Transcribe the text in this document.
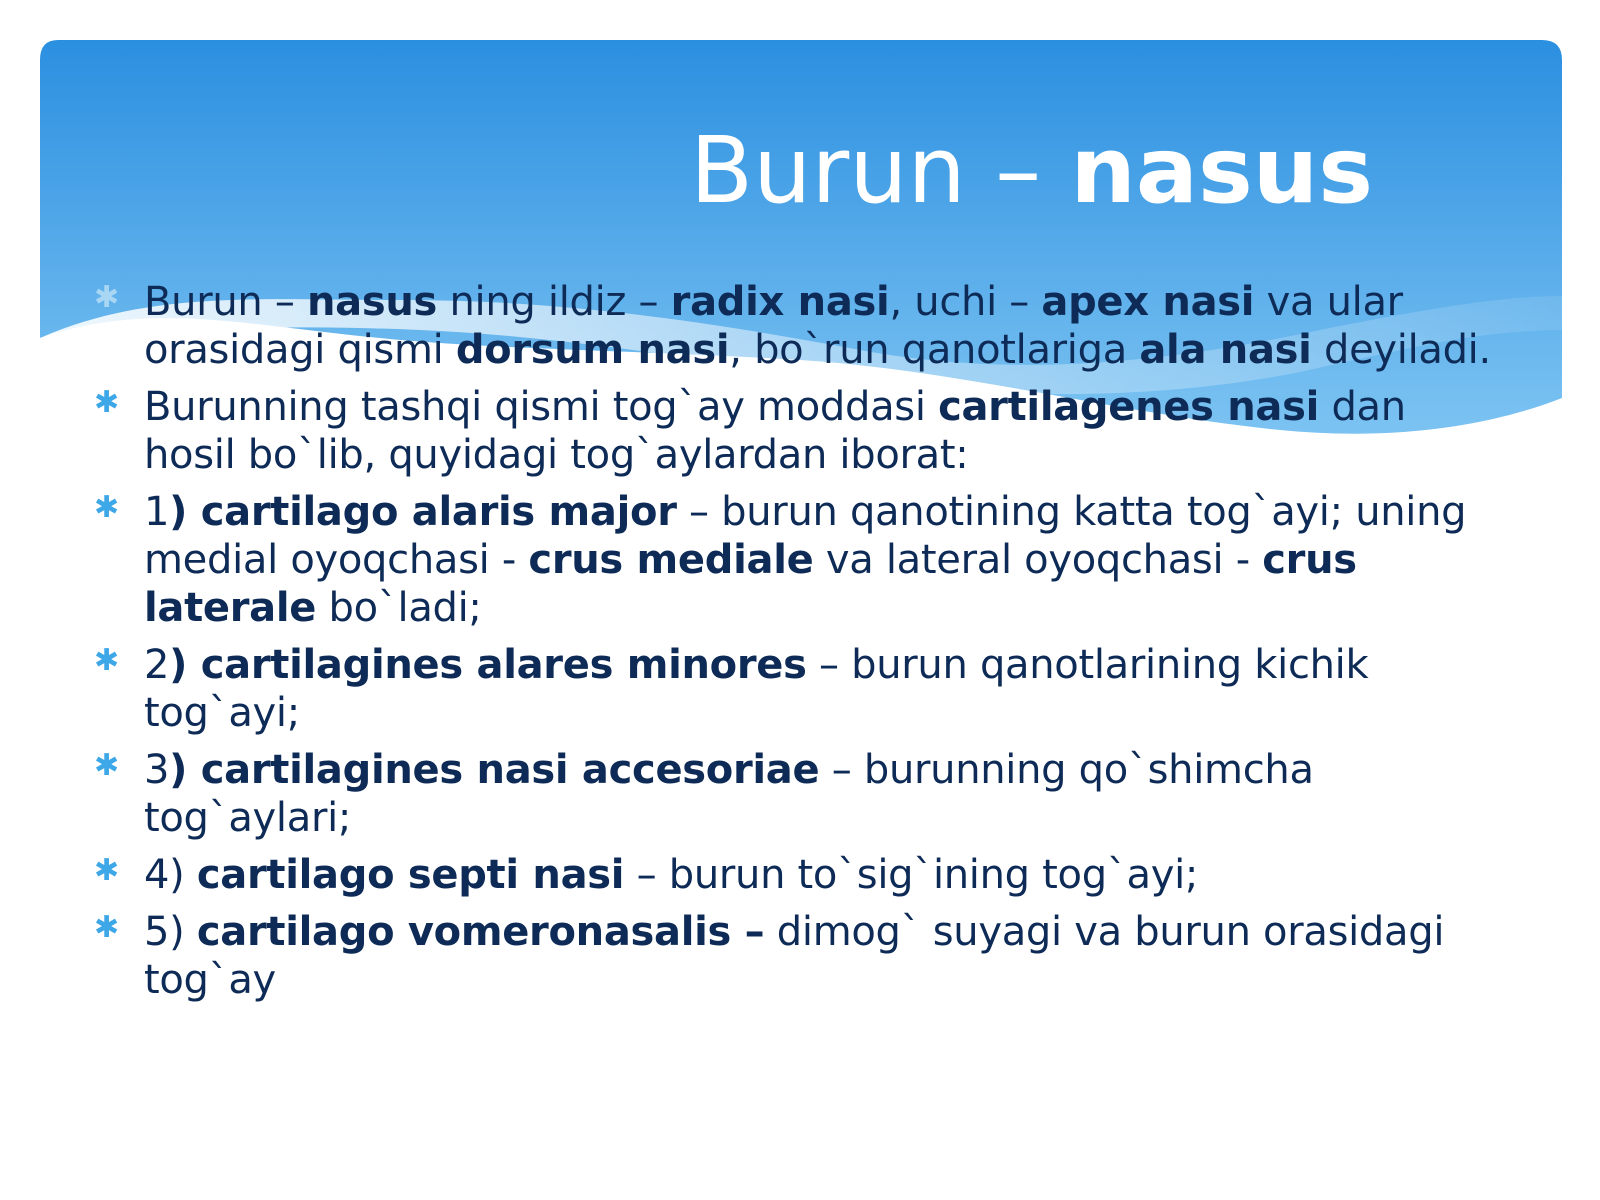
Burun – nasus
✱ Burun – nasus ning ildiz – radix nasi, uchi – apex nasi va ular orasidagi qismi dorsum nasi, bo`run qanotlariga ala nasi deyiladi.
✱ Burunning tashqi qismi tog`ay moddasi cartilagenes nasi dan hosil bo`lib, quyidagi tog`aylardan iborat:
✱ 1) cartilago alaris major – burun qanotining katta tog`ayi; uning medial oyoqchasi - crus mediale va lateral oyoqchasi - crus laterale bo`ladi;
✱ 2) cartilagines alares minores – burun qanotlarining kichik tog`ayi;
✱ 3) cartilagines nasi accesoriae – burunning qo`shimcha tog`aylari;
✱ 4) cartilago septi nasi – burun to`sig`ining tog`ayi;
✱ 5) cartilago vomeronasalis – dimog` suyagi va burun orasidagi tog`ay
